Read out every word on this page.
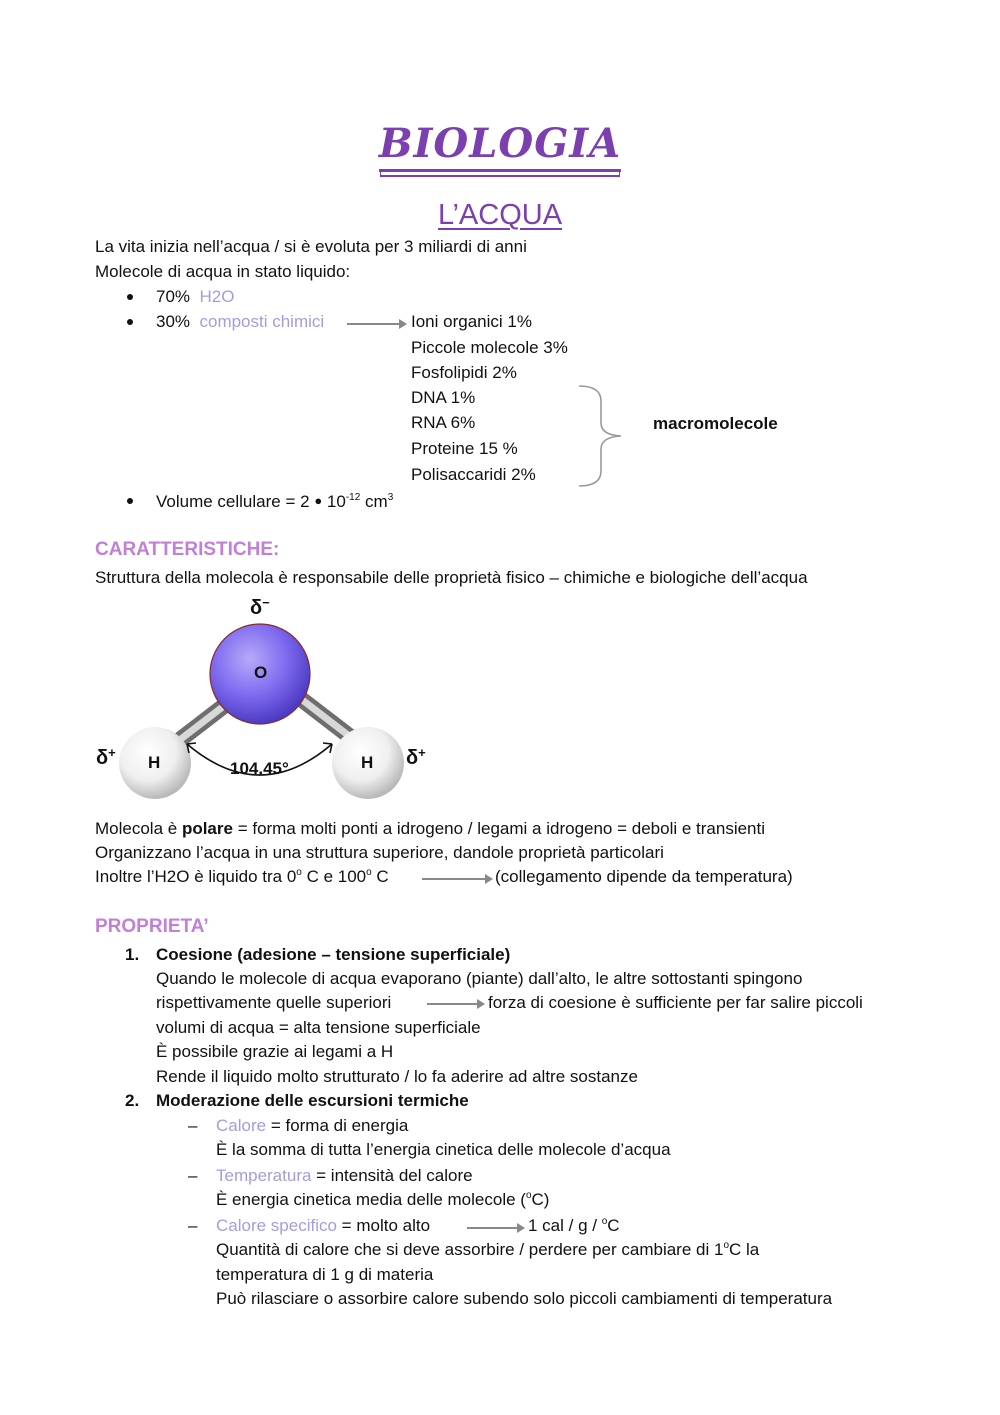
BIOLOGIA
L’ACQUA
La vita inizia nell’acqua / si è evoluta per 3 miliardi di anni
Molecole di acqua in stato liquido:
70% H2O
30% composti chimici	Ioni organici 1%
Piccole molecole 3%
Fosfolipidi 2%
DNA 1%
RNA 6%
Proteine 15 %
Polisaccaridi 2%
macromolecole
Volume cellulare = 2 ● $10^{-12}$ $cm^3$
CARATTERISTICHE:
Struttura della molecola è responsabile delle proprietà fisico – chimiche e biologiche dell’acqua
O
H	H
104.45°
δ−
δ+	δ+
Molecola è polare = forma molti ponti a idrogeno / legami a idrogeno = deboli e transienti
Organizzano l’acqua in una struttura superiore, dandole proprietà particolari
Inoltre l’H2O è liquido tra 0$^o$ C e 100$^o$ C	(collegamento dipende da temperatura)
PROPRIETA’
1. Coesione (adesione – tensione superficiale)
Quando le molecole di acqua evaporano (piante) dall’alto, le altre sottostanti spingono
rispettivamente quelle superiori	forza di coesione è sufficiente per far salire piccoli
volumi di acqua = alta tensione superficiale
È possibile grazie ai legami a H
Rende il liquido molto strutturato / lo fa aderire ad altre sostanze
2. Moderazione delle escursioni termiche
– Calore = forma di energia
È la somma di tutta l’energia cinetica delle molecole d’acqua
– Temperatura = intensità del calore
È energia cinetica media delle molecole ($^o$C)
– Calore specifico = molto alto	1 cal / g / $^o$C
Quantità di calore che si deve assorbire / perdere per cambiare di 1$^o$C la
temperatura di 1 g di materia
Può rilasciare o assorbire calore subendo solo piccoli cambiamenti di temperatura
